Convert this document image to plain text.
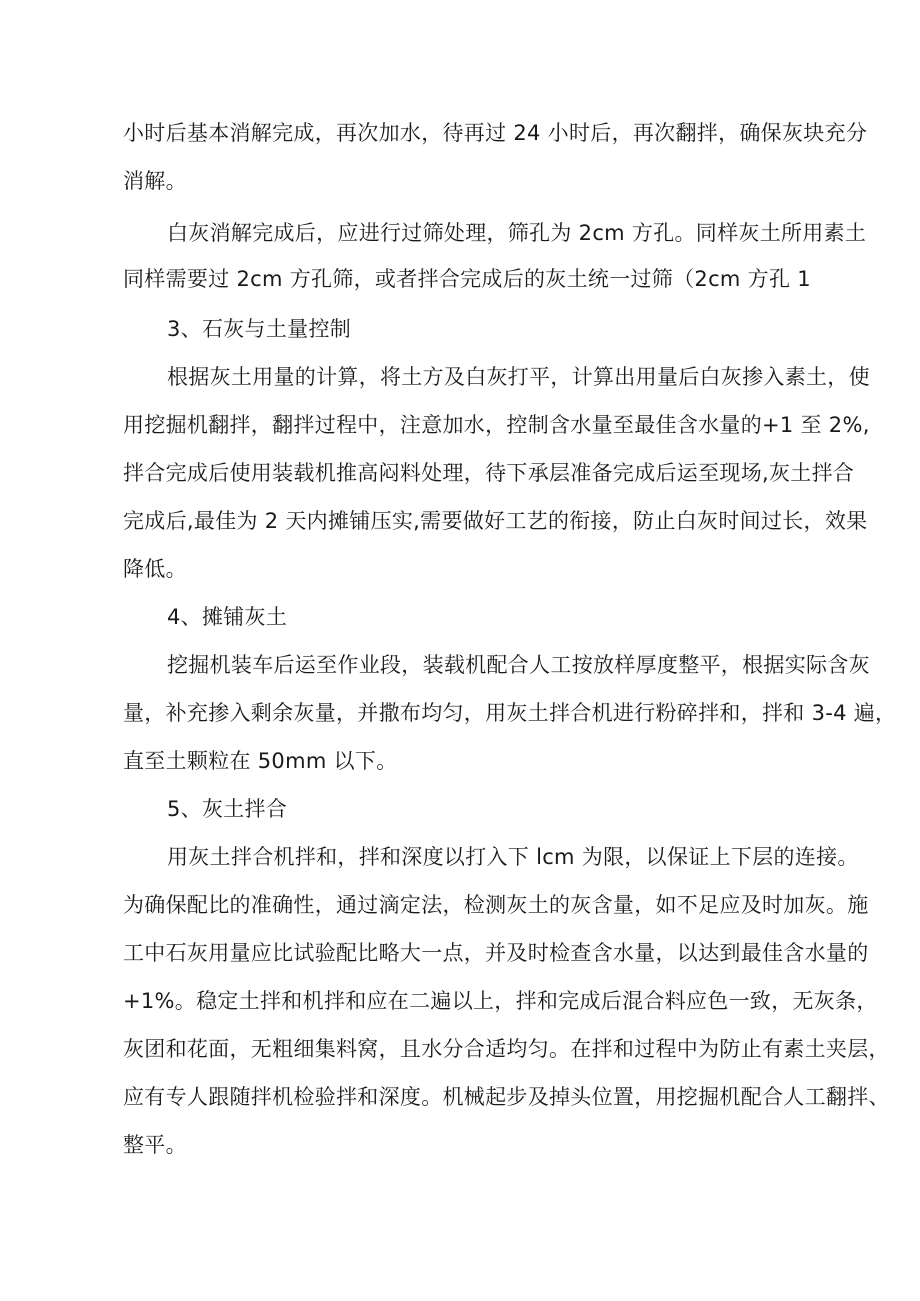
小时后基本消解完成，再次加水，待再过 24 小时后，再次翻拌，确保灰块充分
消解。
白灰消解完成后，应进行过筛处理，筛孔为 2cm 方孔。同样灰土所用素土
同样需要过 2cm 方孔筛，或者拌合完成后的灰土统一过筛（2cm 方孔 1
3、石灰与土量控制
根据灰土用量的计算，将土方及白灰打平，计算出用量后白灰掺入素土，使
用挖掘机翻拌，翻拌过程中，注意加水，控制含水量至最佳含水量的+1 至 2%,
拌合完成后使用装载机推高闷料处理，待下承层准备完成后运至现场,灰土拌合
完成后,最佳为 2 天内摊铺压实,需要做好工艺的衔接，防止白灰时间过长，效果
降低。
4、摊铺灰土
挖掘机装车后运至作业段，装载机配合人工按放样厚度整平，根据实际含灰
量，补充掺入剩余灰量，并撒布均匀，用灰土拌合机进行粉碎拌和，拌和 3-4 遍，
直至土颗粒在 50mm 以下。
5、灰土拌合
用灰土拌合机拌和，拌和深度以打入下 lcm 为限，以保证上下层的连接。
为确保配比的准确性，通过滴定法，检测灰土的灰含量，如不足应及时加灰。施
工中石灰用量应比试验配比略大一点，并及时检查含水量，以达到最佳含水量的
+1%。稳定土拌和机拌和应在二遍以上，拌和完成后混合料应色一致，无灰条，
灰团和花面，无粗细集料窝，且水分合适均匀。在拌和过程中为防止有素土夹层，
应有专人跟随拌机检验拌和深度。机械起步及掉头位置，用挖掘机配合人工翻拌、
整平。
